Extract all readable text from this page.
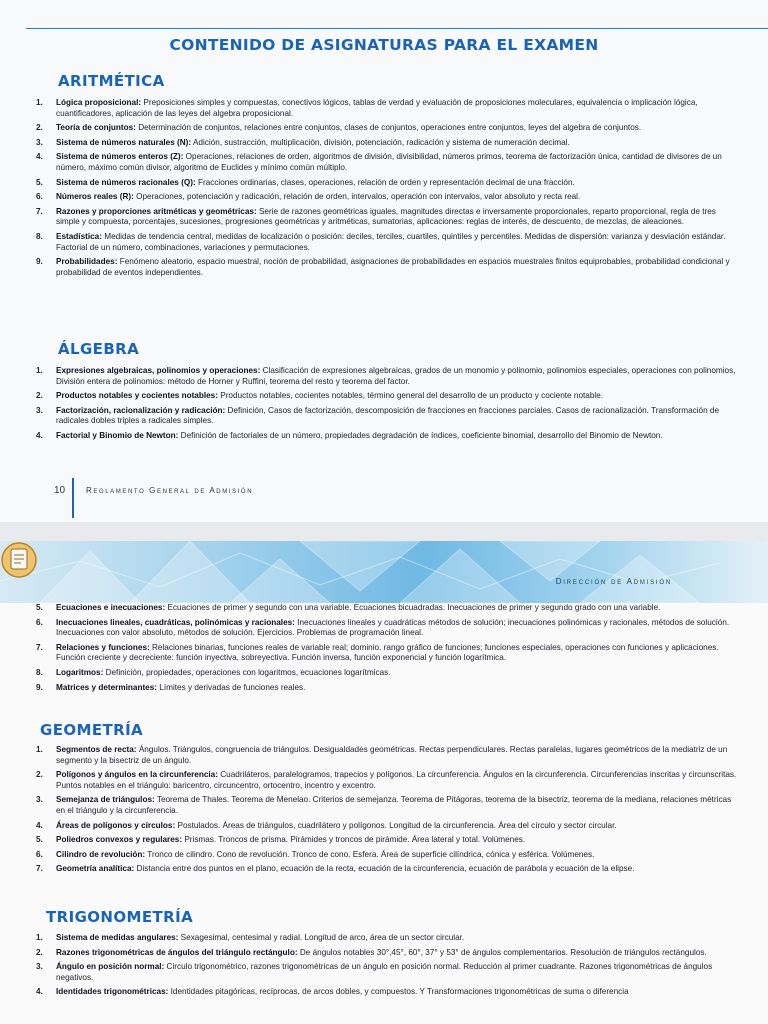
CONTENIDO DE ASIGNATURAS PARA EL EXAMEN
ARITMÉTICA
1. Lógica proposicional: Preposiciones simples y compuestas, conectivos lógicos, tablas de verdad y evaluación de proposiciones moleculares, equivalencia o implicación lógica, cuantificadores, aplicación de las leyes del algebra proposicional.
2. Teoría de conjuntos: Determinación de conjuntos, relaciones entre conjuntos, clases de conjuntos, operaciones entre conjuntos, leyes del algebra de conjuntos.
3. Sistema de números naturales (N): Adición, sustracción, multiplicación, división, potenciación, radicación y sistema de numeración decimal.
4. Sistema de números enteros (Z): Operaciones, relaciones de orden, algoritmos de división, divisibilidad, números primos, teorema de factorización única, cantidad de divisores de un número, máximo común divisor, algoritmo de Euclides y mínimo común múltiplo.
5. Sistema de números racionales (Q): Fracciones ordinarias, clases, operaciones, relación de orden y representación decimal de una fracción.
6. Números reales (R): Operaciones, potenciación y radicación, relación de orden, intervalos, operación con intervalos, valor absoluto y recta real.
7. Razones y proporciones aritméticas y geométricas: Serie de razones geométricas iguales, magnitudes directas e inversamente proporcionales, reparto proporcional, regla de tres simple y compuesta, porcentajes, sucesiones, progresiones geométricas y aritméticas, sumatorias, aplicaciones: reglas de interés, de descuento, de mezclas, de aleaciones.
8. Estadística: Medidas de tendencia central, medidas de localización o posición: deciles, terciles, cuartiles, quintiles y percentiles. Medidas de dispersión: varianza y desviación estándar. Factorial de un número, combinaciones, variaciones y permutaciones.
9. Probabilidades: Fenómeno aleatorio, espacio muestral, noción de probabilidad, asignaciones de probabilidades en espacios muestrales finitos equiprobables, probabilidad condicional y probabilidad de eventos independientes.
ÁLGEBRA
1. Expresiones algebraicas, polinomios y operaciones: Clasificación de expresiones algebraicas, grados de un monomio y polinomio, polinomios especiales, operaciones con polinomios, División entera de polinomios: método de Horner y Ruffini, teorema del resto y teorema del factor.
2. Productos notables y cocientes notables: Productos notables, cocientes notables, término general del desarrollo de un producto y cociente notable.
3. Factorización, racionalización y radicación: Definición, Casos de factorización, descomposición de fracciones en fracciones parciales. Casos de racionalización. Transformación de radicales dobles triples a radicales simples.
4. Factorial y Binomio de Newton: Definición de factoriales de un número, propiedades degradación de índices, coeficiente binomial, desarrollo del Binomio de Newton.
10	Reglamento General de Admisión
Dirección de Admisión
5. Ecuaciones e inecuaciones: Ecuaciones de primer y segundo con una variable. Ecuaciones bicuadradas. Inecuaciones de primer y segundo grado con una variable.
6. Inecuaciones lineales, cuadráticas, polinómicas y racionales: Inecuaciones lineales y cuadráticas métodos de solución; inecuaciones polinómicas y racionales, métodos de solución. Inecuaciones con valor absoluto, métodos de solución. Ejercicios. Problemas de programación lineal.
7. Relaciones y funciones: Relaciones binarias, funciones reales de variable real; dominio. rango gráfico de funciones; funciones especiales, operaciones con funciones y aplicaciones. Función creciente y decreciente: función inyectiva, sobreyectiva. Función inversa, función exponencial y función logarítmica.
8. Logaritmos: Definición, propiedades, operaciones con logaritmos, ecuaciones logarítmicas.
9. Matrices y determinantes: Límites y derivadas de funciones reales.
GEOMETRÍA
1. Segmentos de recta: Ángulos. Triángulos, congruencia de triángulos. Desigualdades geométricas. Rectas perpendiculares. Rectas paralelas, lugares geométricos de la mediatriz de un segmento y la bisectriz de un ángulo.
2. Polígonos y ángulos en la circunferencia: Cuadriláteros, paralelogramos, trapecios y polígonos. La circunferencia. Ángulos en la circunferencia. Circunferencias inscritas y circunscritas. Puntos notables en el triángulo: baricentro, circuncentro, ortocentro, incentro y excentro.
3. Semejanza de triángulos: Teorema de Thales. Teorema de Menelao. Criterios de semejanza. Teorema de Pitágoras, teorema de la bisectriz, teorema de la mediana, relaciones métricas en el triángulo y la circunferencia.
4. Áreas de polígonos y círculos: Postulados. Áreas de triángulos, cuadrilátero y polígonos. Longitud de la circunferencia. Área del círculo y sector circular.
5. Poliedros convexos y regulares: Prismas. Troncos de prisma. Pirámides y troncos de pirámide. Área lateral y total. Volúmenes.
6. Cilindro de revolución: Tronco de cilindro. Cono de revolución. Tronco de cono. Esfera. Área de superficie cilíndrica, cónica y esférica. Volúmenes.
7. Geometría analítica: Distancia entre dos puntos en el plano, ecuación de la recta, ecuación de la circunferencia, ecuación de parábola y ecuación de la elipse.
TRIGONOMETRÍA
1. Sistema de medidas angulares: Sexagesimal, centesimal y radial. Longitud de arco, área de un sector circular.
2. Razones trigonométricas de ángulos del triángulo rectángulo: De ángulos notables 30°,45°, 60°, 37° y 53° de ángulos complementarios. Resolución de triángulos rectángulos.
3. Ángulo en posición normal: Circulo trigonométrico, razones trigonométricas de un ángulo en posición normal. Reducción al primer cuadrante. Razones trigonométricas de ángulos negativos.
4. Identidades trigonométricas: Identidades pitagóricas, recíprocas, de arcos dobles, y compuestos. Y Transformaciones trigonométricas de suma o diferencia
